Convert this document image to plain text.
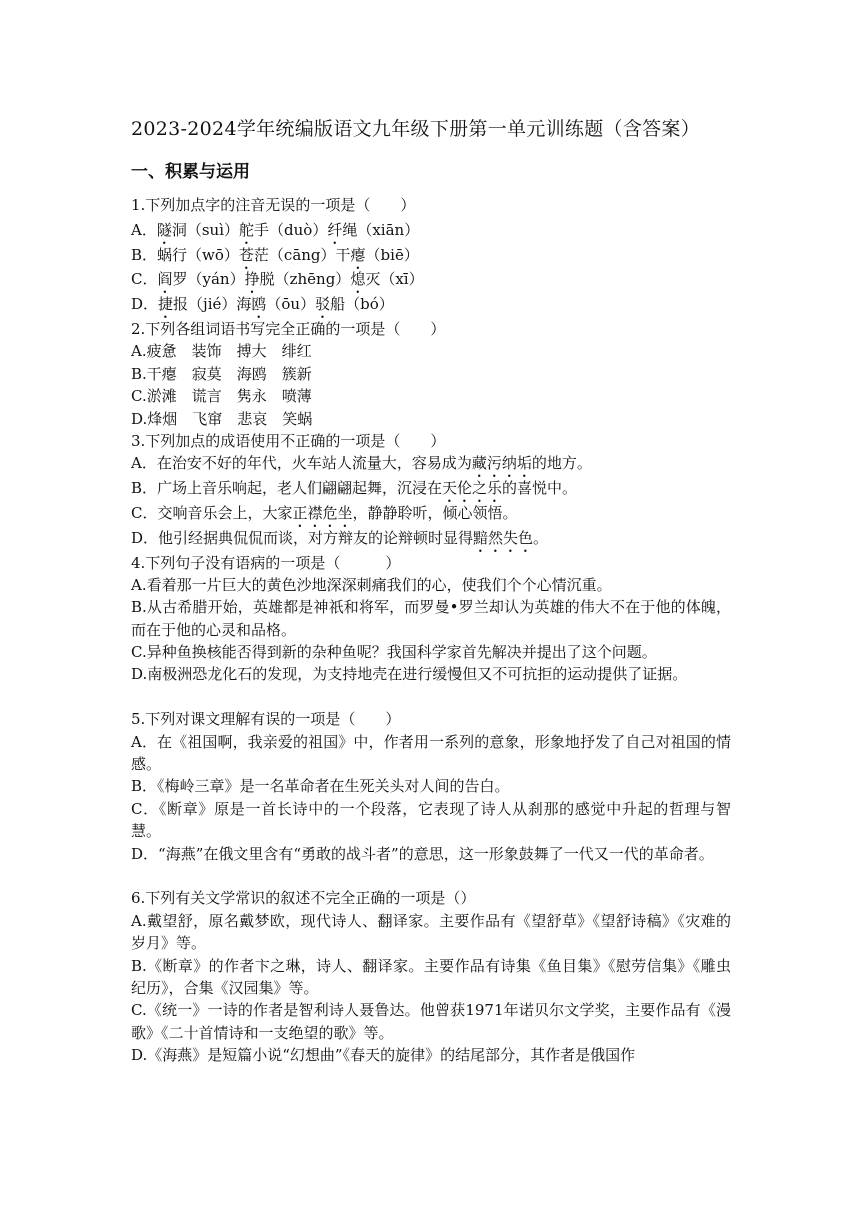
2023-2024学年统编版语文九年级下册第一单元训练题（含答案）
一、积累与运用
1.下列加点字的注音无误的一项是（　　）
A．隧洞（suì）舵手（duò）纤绳（xiān）
B．蜗行（wō）苍茫（cāng）干瘪（biē）
C．阎罗（yán）挣脱（zhēng）熄灭（xī）
D．捷报（jié）海鸥（ōu）驳船（bó）
2.下列各组词语书写完全正确的一项是（　　）
A.疲惫　装饰　搏大　绯红
B.干瘪　寂莫　海鸥　簇新
C.淤滩　谎言　隽永　喷薄
D.烽烟　飞窜　悲哀　笑蜗
3.下列加点的成语使用不正确的一项是（　　）
A．在治安不好的年代，火车站人流量大，容易成为藏污纳垢的地方。
B．广场上音乐响起，老人们翩翩起舞，沉浸在天伦之乐的喜悦中。
C．交响音乐会上，大家正襟危坐，静静聆听，倾心领悟。
D．他引经据典侃侃而谈，对方辩友的论辩顿时显得黯然失色。
4.下列句子没有语病的一项是（　　　）
A.看着那一片巨大的黄色沙地深深刺痛我们的心，使我们个个心情沉重。
B.从古希腊开始，英雄都是神祇和将军，而罗曼•罗兰却认为英雄的伟大不在于他的体魄，而在于他的心灵和品格。
C.异种鱼换核能否得到新的杂种鱼呢？我国科学家首先解决并提出了这个问题。
D.南极洲恐龙化石的发现，为支持地壳在进行缓慢但又不可抗拒的运动提供了证据。
5.下列对课文理解有误的一项是（　　）
A．在《祖国啊，我亲爱的祖国》中，作者用一系列的意象，形象地抒发了自己对祖国的情感。
B．《梅岭三章》是一名革命者在生死关头对人间的告白。
C．《断章》原是一首长诗中的一个段落，它表现了诗人从刹那的感觉中升起的哲理与智慧。
D．“海燕”在俄文里含有“勇敢的战斗者”的意思，这一形象鼓舞了一代又一代的革命者。
6.下列有关文学常识的叙述不完全正确的一项是（）
A.戴望舒，原名戴梦欧，现代诗人、翻译家。主要作品有《望舒草》《望舒诗稿》《灾难的岁月》等。
B.《断章》的作者卞之琳，诗人、翻译家。主要作品有诗集《鱼目集》《慰劳信集》《雕虫纪历》，合集《汉园集》等。
C.《统一》一诗的作者是智利诗人聂鲁达。他曾获1971年诺贝尔文学奖，主要作品有《漫歌》《二十首情诗和一支绝望的歌》等。
D.《海燕》是短篇小说“幻想曲”《春天的旋律》的结尾部分，其作者是俄国作
